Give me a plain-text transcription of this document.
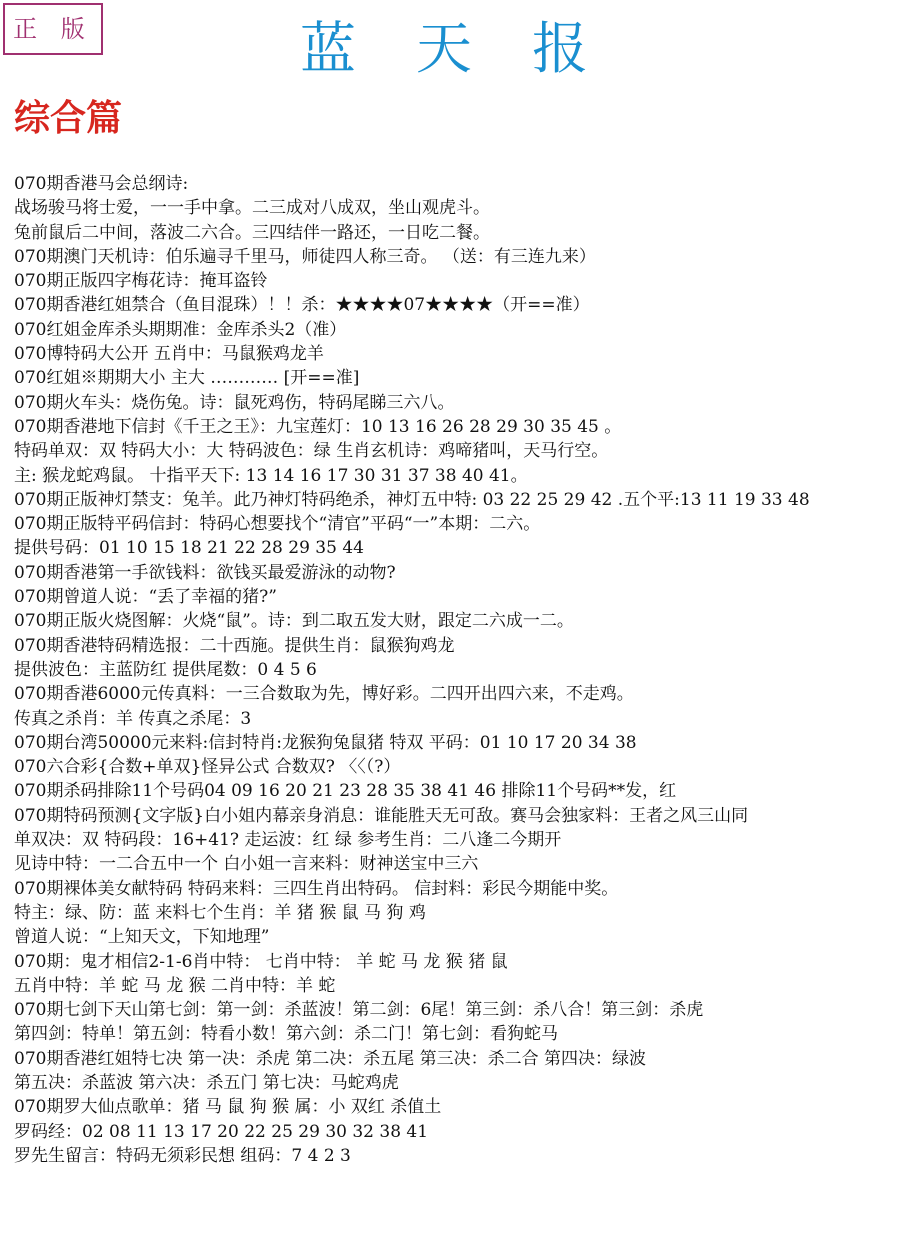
正 版	蓝天报
综合篇
070期香港马会总纲诗:
战场骏马将士爱，一一手中拿。二三成对八成双，坐山观虎斗。
兔前鼠后二中间，落波二六合。三四结伴一路还，一日吃二餐。
070期澳门天机诗：伯乐遍寻千里马，师徒四人称三奇。 （送：有三连九来）
070期正版四字梅花诗：掩耳盗铃
070期香港红姐禁合（鱼目混珠）！！杀：★★★★07★★★★（开==准）
070红姐金库杀头期期准：金库杀头2（准）
070博特码大公开 五肖中：马鼠猴鸡龙羊
070红姐※期期大小 主大 ………… [开==准]
070期火车头：烧伤兔。诗：鼠死鸡伤，特码尾睇三六八。
070期香港地下信封《千王之王》：九宝莲灯：10 13 16 26 28 29 30 35 45 。
特码单双：双 特码大小：大 特码波色：绿 生肖玄机诗：鸡啼猪叫，天马行空。
主: 猴龙蛇鸡鼠。 十指平天下: 13 14 16 17 30 31 37 38 40 41。
070期正版神灯禁支：兔羊。此乃神灯特码绝杀，神灯五中特: 03 22 25 29 42 .五个平:13 11 19 33 48
070期正版特平码信封：特码心想要找个“清官”平码“一”本期：二六。
提供号码：01 10 15 18 21 22 28 29 35 44
070期香港第一手欲钱料：欲钱买最爱游泳的动物?
070期曾道人说：“丢了幸福的猪?”
070期正版火烧图解：火烧“鼠”。诗：到二取五发大财，跟定二六成一二。
070期香港特码精选报：二十西施。提供生肖：鼠猴狗鸡龙
提供波色：主蓝防红 提供尾数：0 4 5 6
070期香港6000元传真料：一三合数取为先，博好彩。二四开出四六来，不走鸡。
传真之杀肖：羊 传真之杀尾：3
070期台湾50000元来料:信封特肖:龙猴狗兔鼠猪 特双 平码：01 10 17 20 34 38
070六合彩{合数+单双}怪异公式 合数双? 〈〈（?）
070期杀码排除11个号码04 09 16 20 21 23 28 35 38 41 46 排除11个号码**发，红
070期特码预测{文字版}白小姐内幕亲身消息：谁能胜天无可敌。赛马会独家料：王者之风三山同
单双决：双 特码段：16+41? 走运波：红 绿 参考生肖：二八逢二今期开
见诗中特：一二合五中一个 白小姐一言来料：财神送宝中三六
070期裸体美女献特码 特码来料：三四生肖出特码。 信封料：彩民今期能中奖。
特主：绿、防：蓝 来料七个生肖：羊 猪 猴 鼠 马 狗 鸡
曾道人说：“上知天文，下知地理”
070期：鬼才相信2-1-6肖中特： 七肖中特： 羊 蛇 马 龙 猴 猪 鼠
五肖中特：羊 蛇 马 龙 猴 二肖中特：羊 蛇
070期七剑下天山第七剑：第一剑：杀蓝波！第二剑：6尾！第三剑：杀八合！第三剑：杀虎
第四剑：特单！第五剑：特看小数！第六剑：杀二门！第七剑：看狗蛇马
070期香港红姐特七决 第一决：杀虎 第二决：杀五尾 第三决：杀二合 第四决：绿波
第五决：杀蓝波 第六决：杀五门 第七决：马蛇鸡虎
070期罗大仙点歌单：猪 马 鼠 狗 猴 属：小 双红 杀值土
罗码经：02 08 11 13 17 20 22 25 29 30 32 38 41
罗先生留言：特码无须彩民想 组码：7 4 2 3
